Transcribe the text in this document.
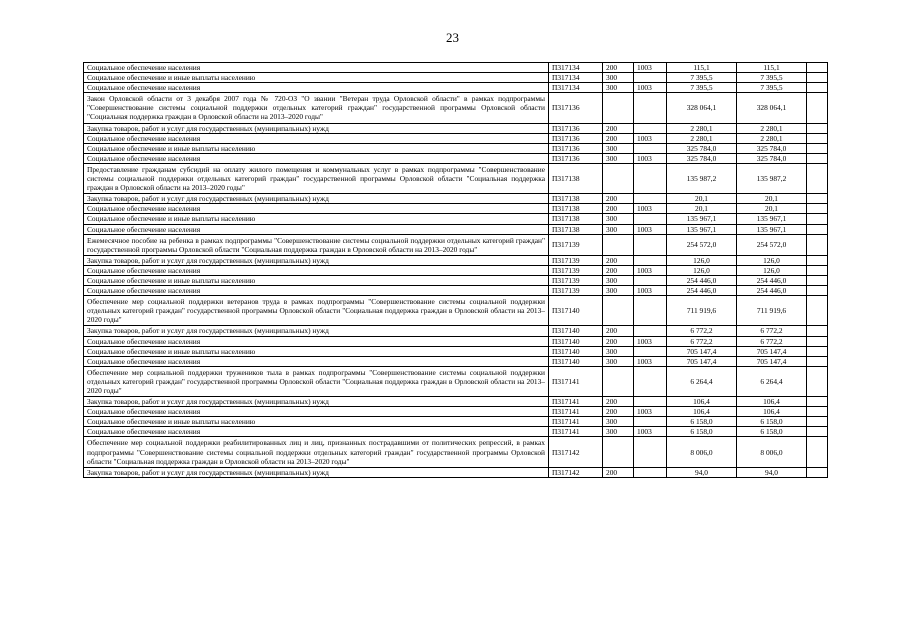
23
Социальное обеспечение населения	П317134	200	1003	115,1	115,1	
Социальное обеспечение и иные выплаты населению	П317134	300		7 395,5	7 395,5	
Социальное обеспечение населения	П317134	300	1003	7 395,5	7 395,5	
Закон Орловской области от 3 декабря 2007 года № 720-ОЗ "О звании "Ветеран труда Орловской области" в рамках подпрограммы "Совершенствование системы социальной поддержки отдельных категорий граждан" государственной программы Орловской области "Социальная поддержка граждан в Орловской области на 2013–2020 годы"	П317136			328 064,1	328 064,1	
Закупка товаров, работ и услуг для государственных (муниципальных) нужд	П317136	200		2 280,1	2 280,1	
Социальное обеспечение населения	П317136	200	1003	2 280,1	2 280,1	
Социальное обеспечение и иные выплаты населению	П317136	300		325 784,0	325 784,0	
Социальное обеспечение населения	П317136	300	1003	325 784,0	325 784,0	
Предоставление гражданам субсидий на оплату жилого помещения и коммунальных услуг в рамках подпрограммы "Совершенствование системы социальной поддержки отдельных категорий граждан" государственной программы Орловской области "Социальная поддержка граждан в Орловской области на 2013–2020 годы"	П317138			135 987,2	135 987,2	
Закупка товаров, работ и услуг для государственных (муниципальных) нужд	П317138	200		20,1	20,1	
Социальное обеспечение населения	П317138	200	1003	20,1	20,1	
Социальное обеспечение и иные выплаты населению	П317138	300		135 967,1	135 967,1	
Социальное обеспечение населения	П317138	300	1003	135 967,1	135 967,1	
Ежемесячное пособие на ребенка в рамках подпрограммы "Совершенствование системы социальной поддержки отдельных категорий граждан" государственной программы Орловской области "Социальная поддержка граждан в Орловской области на 2013–2020 годы"	П317139			254 572,0	254 572,0	
Закупка товаров, работ и услуг для государственных (муниципальных) нужд	П317139	200		126,0	126,0	
Социальное обеспечение населения	П317139	200	1003	126,0	126,0	
Социальное обеспечение и иные выплаты населению	П317139	300		254 446,0	254 446,0	
Социальное обеспечение населения	П317139	300	1003	254 446,0	254 446,0	
Обеспечение мер социальной поддержки ветеранов труда в рамках подпрограммы "Совершенствование системы социальной поддержки отдельных категорий граждан" государственной программы Орловской области "Социальная поддержка граждан в Орловской области на 2013–2020 годы"	П317140			711 919,6	711 919,6	
Закупка товаров, работ и услуг для государственных (муниципальных) нужд	П317140	200		6 772,2	6 772,2	
Социальное обеспечение населения	П317140	200	1003	6 772,2	6 772,2	
Социальное обеспечение и иные выплаты населению	П317140	300		705 147,4	705 147,4	
Социальное обеспечение населения	П317140	300	1003	705 147,4	705 147,4	
Обеспечение мер социальной поддержки тружеников тыла в рамках подпрограммы "Совершенствование системы социальной поддержки отдельных категорий граждан" государственной программы Орловской области "Социальная поддержка граждан в Орловской области на 2013–2020 годы"	П317141			6 264,4	6 264,4	
Закупка товаров, работ и услуг для государственных (муниципальных) нужд	П317141	200		106,4	106,4	
Социальное обеспечение населения	П317141	200	1003	106,4	106,4	
Социальное обеспечение и иные выплаты населению	П317141	300		6 158,0	6 158,0	
Социальное обеспечение населения	П317141	300	1003	6 158,0	6 158,0	
Обеспечение мер социальной поддержки реабилитированных лиц и лиц, признанных пострадавшими от политических репрессий, в рамках подпрограммы "Совершенствование системы социальной поддержки отдельных категорий граждан" государственной программы Орловской области "Социальная поддержка граждан в Орловской области на 2013–2020 годы"	П317142			8 006,0	8 006,0	
Закупка товаров, работ и услуг для государственных (муниципальных) нужд	П317142	200		94,0	94,0	
